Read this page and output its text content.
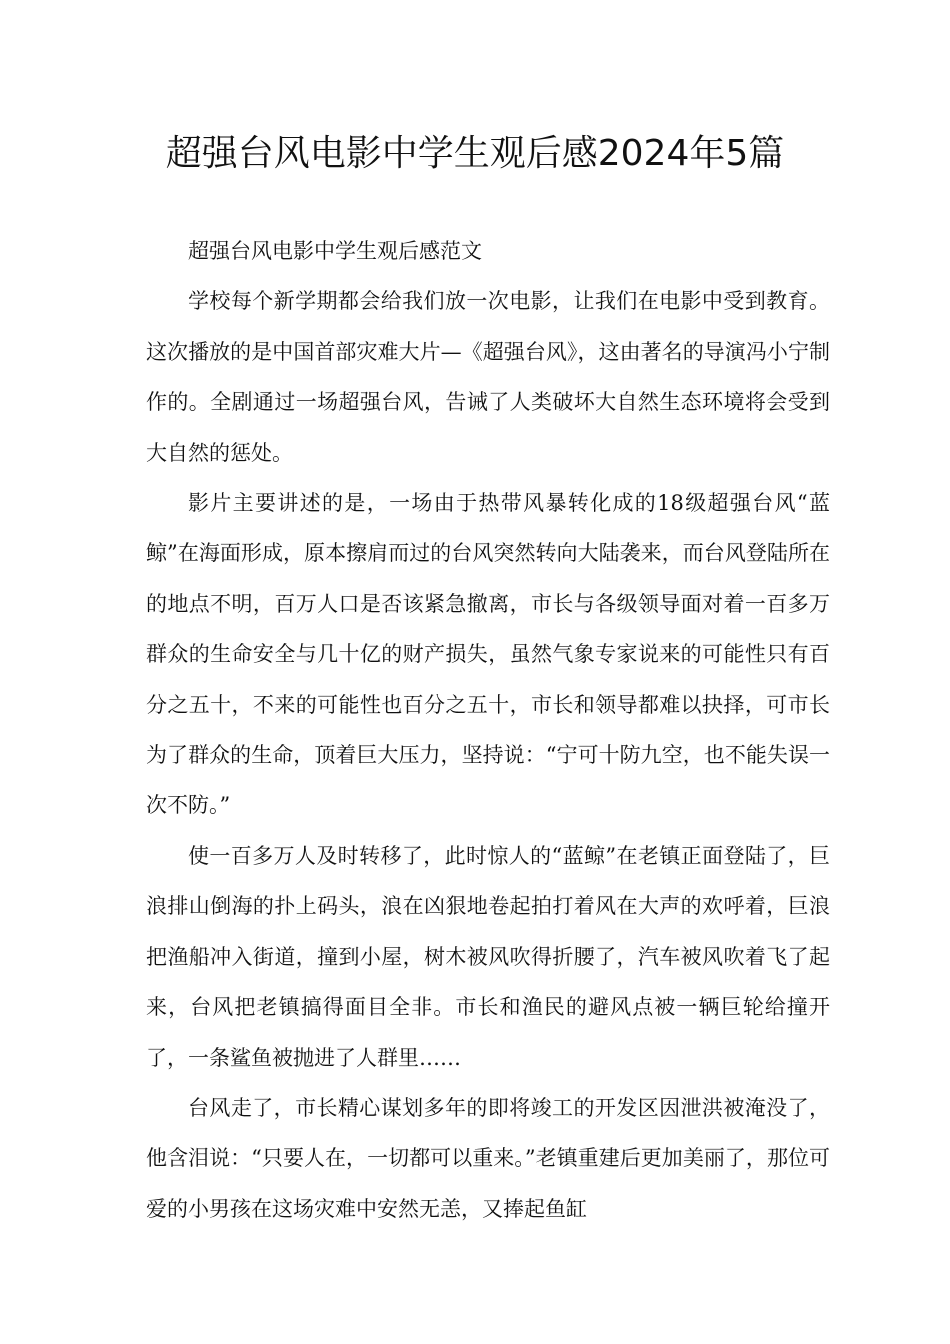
超强台风电影中学生观后感2024年5篇

超强台风电影中学生观后感范文

学校每个新学期都会给我们放一次电影，让我们在电影中受到教育。这次播放的是中国首部灾难大片—《超强台风》，这由著名的导演冯小宁制作的。全剧通过一场超强台风，告诫了人类破坏大自然生态环境将会受到大自然的惩处。

影片主要讲述的是，一场由于热带风暴转化成的18级超强台风“蓝鲸”在海面形成，原本擦肩而过的台风突然转向大陆袭来，而台风登陆所在的地点不明，百万人口是否该紧急撤离，市长与各级领导面对着一百多万群众的生命安全与几十亿的财产损失，虽然气象专家说来的可能性只有百分之五十，不来的可能性也百分之五十，市长和领导都难以抉择，可市长为了群众的生命，顶着巨大压力，坚持说：“宁可十防九空，也不能失误一次不防。”

使一百多万人及时转移了，此时惊人的“蓝鲸”在老镇正面登陆了，巨浪排山倒海的扑上码头，浪在凶狠地卷起拍打着风在大声的欢呼着，巨浪把渔船冲入街道，撞到小屋，树木被风吹得折腰了，汽车被风吹着飞了起来，台风把老镇搞得面目全非。市长和渔民的避风点被一辆巨轮给撞开了，一条鲨鱼被抛进了人群里……

台风走了，市长精心谋划多年的即将竣工的开发区因泄洪被淹没了，他含泪说：“只要人在，一切都可以重来。”老镇重建后更加美丽了，那位可爱的小男孩在这场灾难中安然无恙，又捧起鱼缸
